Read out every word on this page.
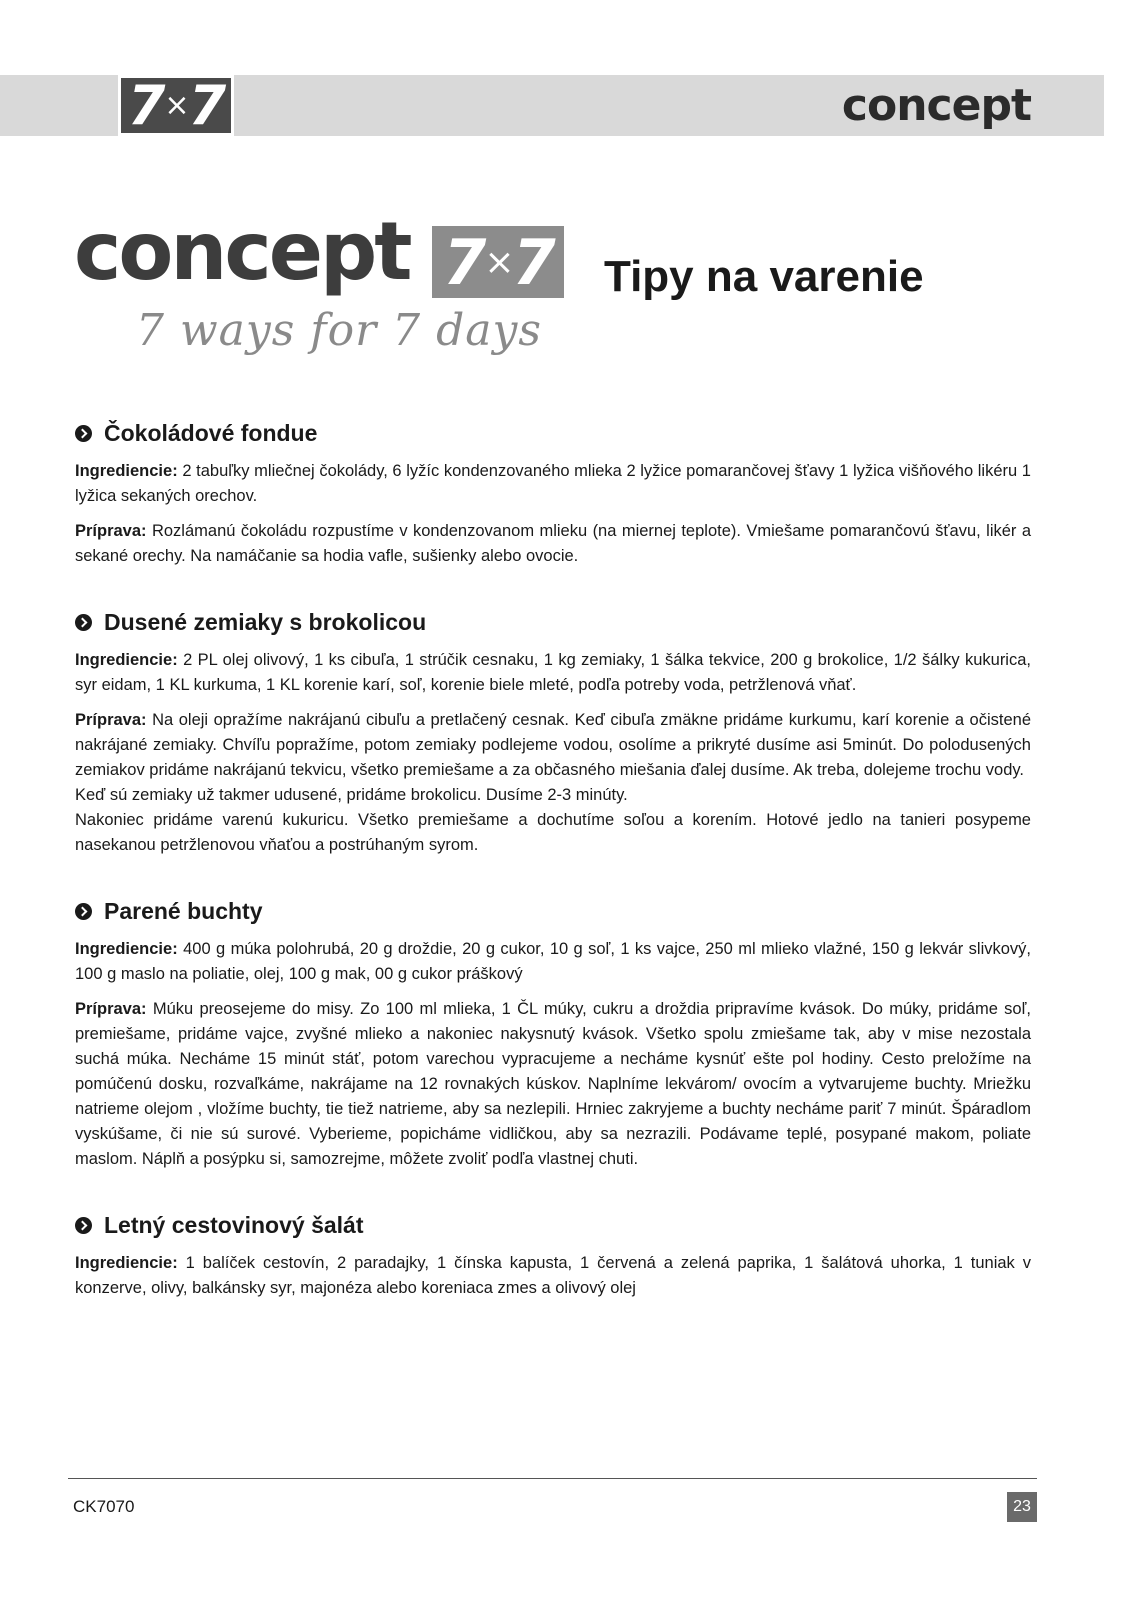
7 × 7	concept
concept 7 × 7
7 ways for 7 days
Tipy na varenie
Čokoládové fondue

Ingrediencie: 2 tabuľky mliečnej čokolády, 6 lyžíc kondenzovaného mlieka 2 lyžice pomarančovej šťavy 1 lyžica višňového likéru 1 lyžica sekaných orechov.

Príprava: Rozlámanú čokoládu rozpustíme v kondenzovanom mlieku (na miernej teplote). Vmiešame pomarančovú šťavu, likér a sekané orechy. Na namáčanie sa hodia vafle, sušienky alebo ovocie.

Dusené zemiaky s brokolicou

Ingrediencie: 2 PL olej olivový, 1 ks cibuľa, 1 strúčik cesnaku, 1 kg zemiaky, 1 šálka tekvice, 200 g brokolice, 1/2 šálky kukurica, syr eidam, 1 KL kurkuma, 1 KL korenie karí, soľ, korenie biele mleté, podľa potreby voda, petržlenová vňať.

Príprava: Na oleji opražíme nakrájanú cibuľu a pretlačený cesnak. Keď cibuľa zmäkne pridáme kurkumu, karí korenie a očistené nakrájané zemiaky. Chvíľu popražíme, potom zemiaky podlejeme vodou, osolíme a prikryté dusíme asi 5minút. Do polodusených zemiakov pridáme nakrájanú tekvicu, všetko premiešame a za občasného miešania ďalej dusíme. Ak treba, dolejeme trochu vody.
Keď sú zemiaky už takmer udusené, pridáme brokolicu. Dusíme 2-3 minúty.
Nakoniec pridáme varenú kukuricu. Všetko premiešame a dochutíme soľou a korením. Hotové jedlo na tanieri posypeme nasekanou petržlenovou vňaťou a postrúhaným syrom.

Parené buchty

Ingrediencie: 400 g múka polohrubá, 20 g droždie, 20 g cukor, 10 g soľ, 1 ks vajce, 250 ml mlieko vlažné, 150 g lekvár slivkový, 100 g maslo na poliatie, olej, 100 g mak, 00 g cukor práškový

Príprava: Múku preosejeme do misy. Zo 100 ml mlieka, 1 ČL múky, cukru a droždia pripravíme kvások. Do múky, pridáme soľ, premiešame, pridáme vajce, zvyšné mlieko a nakoniec nakysnutý kvások. Všetko spolu zmiešame tak, aby v mise nezostala suchá múka. Necháme 15 minút stáť, potom varechou vypracujeme a necháme kysnúť ešte pol hodiny. Cesto preložíme na pomúčenú dosku, rozvaľkáme, nakrájame na 12 rovnakých kúskov. Naplníme lekvárom/ ovocím a vytvarujeme buchty. Mriežku natrieme olejom , vložíme buchty, tie tiež natrieme, aby sa nezlepili. Hrniec zakryjeme a buchty necháme pariť 7 minút. Špáradlom vyskúšame, či nie sú surové. Vyberieme, popicháme vidličkou, aby sa nezrazili. Podávame teplé, posypané makom, poliate maslom. Náplň a posýpku si, samozrejme, môžete zvoliť podľa vlastnej chuti.

Letný cestovinový šalát

Ingrediencie: 1 balíček cestovín, 2 paradajky, 1 čínska kapusta, 1 červená a zelená paprika, 1 šalátová uhorka, 1 tuniak v konzerve, olivy, balkánsky syr, majonéza alebo koreniaca zmes a olivový olej

CK7070	23
